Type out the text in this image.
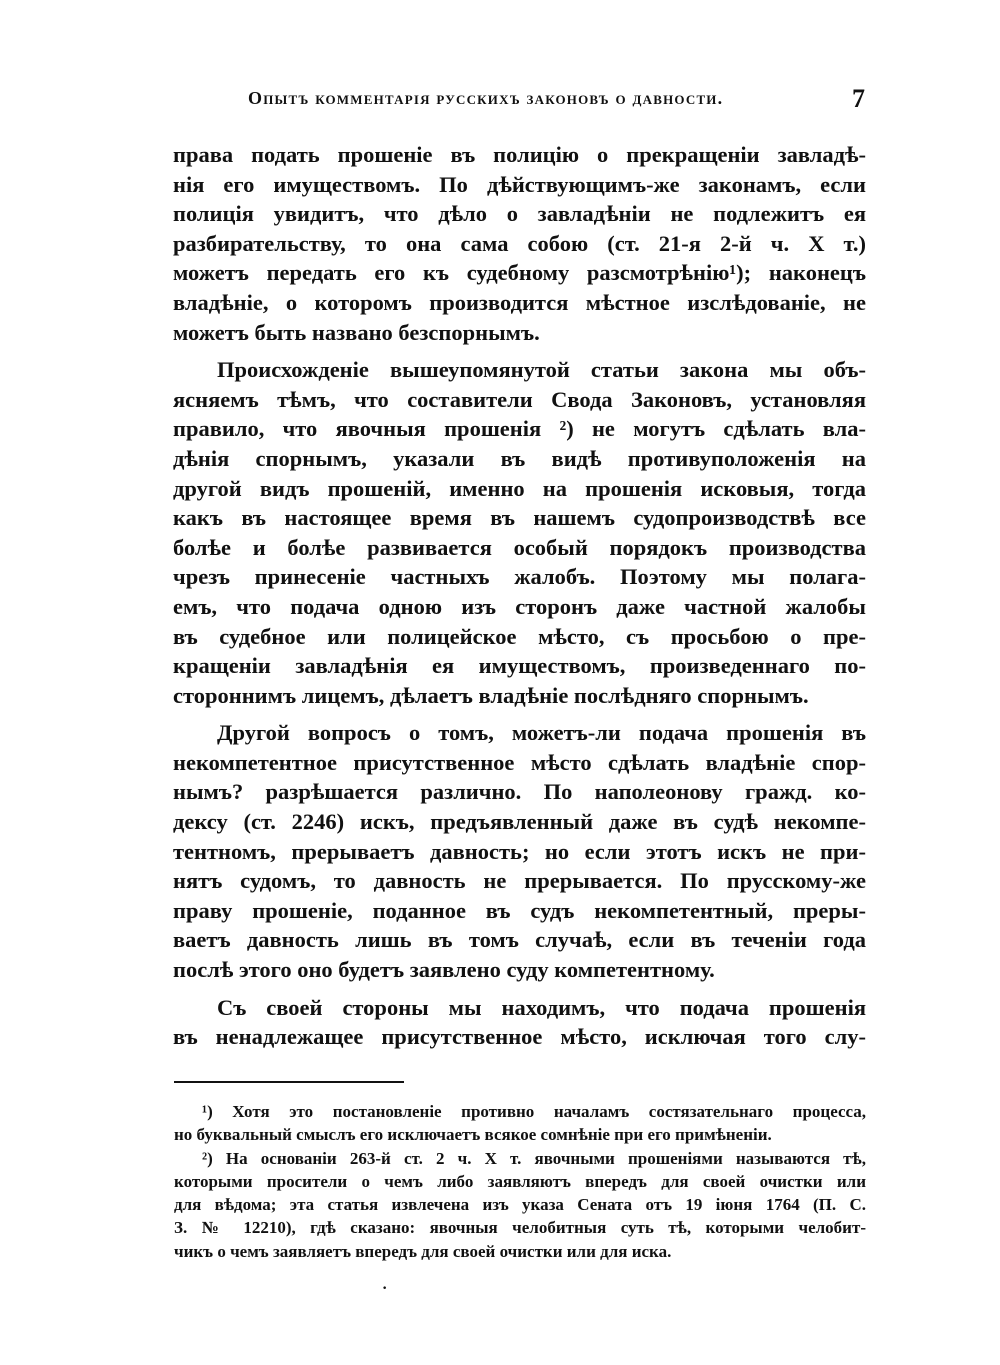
Опытъ комментарія русскихъ законовъ о давности.	7
права подать прошеніе въ полицію о прекращеніи завладѣ-
нія его имуществомъ. По дѣйствующимъ-же законамъ, если
полиція увидитъ, что дѣло о завладѣніи не подлежитъ ея
разбирательству, то она сама собою (ст. 21-я 2-й ч. X т.)
можетъ передать его къ судебному разсмотрѣнію¹); наконецъ
владѣніе, о которомъ производится мѣстное изслѣдованіе, не
можетъ быть названо безспорнымъ.
Происхожденіе вышеупомянутой статьи закона мы объ-
ясняемъ тѣмъ, что составители Свода Законовъ, установляя
правило, что явочныя прошенія ²) не могутъ сдѣлать вла-
дѣнія спорнымъ, указали въ видѣ противуположенія на
другой видъ прошеній, именно на прошенія исковыя, тогда
какъ въ настоящее время въ нашемъ судопроизводствѣ все
болѣе и болѣе развивается особый порядокъ производства
чрезъ принесеніе частныхъ жалобъ. Поэтому мы полага-
емъ, что подача одною изъ сторонъ даже частной жалобы
въ судебное или полицейское мѣсто, съ просьбою о пре-
кращеніи завладѣнія ея имуществомъ, произведеннаго по-
стороннимъ лицемъ, дѣлаетъ владѣніе послѣдняго спорнымъ.
Другой вопросъ о томъ, можетъ-ли подача прошенія въ
некомпетентное присутственное мѣсто сдѣлать владѣніе спор-
нымъ? разрѣшается различно. По наполеонову гражд. ко-
дексу (ст. 2246) искъ, предъявленный даже въ судѣ некомпе-
тентномъ, прерываетъ давность; но если этотъ искъ не при-
нятъ судомъ, то давность не прерывается. По прусскому-же
праву прошеніе, поданное въ судъ некомпетентный, преры-
ваетъ давность лишь въ томъ случаѣ, если въ теченіи года
послѣ этого оно будетъ заявлено суду компетентному.
Съ своей стороны мы находимъ, что подача прошенія
въ ненадлежащее присутственное мѣсто, исключая того слу-
¹) Хотя это постановленіе противно началамъ состязательнаго процесса,
но буквальный смыслъ его исключаетъ всякое сомнѣніе при его примѣненіи.
²) На основаніи 263-й ст. 2 ч. X т. явочными прошеніями называются тѣ,
которыми просители о чемъ либо заявляютъ впередъ для своей очистки или
для вѣдома; эта статья извлечена изъ указа Сената отъ 19 іюня 1764 (П. С.
З. № 12210), гдѣ сказано: явочныя челобитныя суть тѣ, которыми челобит-
чикъ о чемъ заявляетъ впередъ для своей очистки или для иска.
·
